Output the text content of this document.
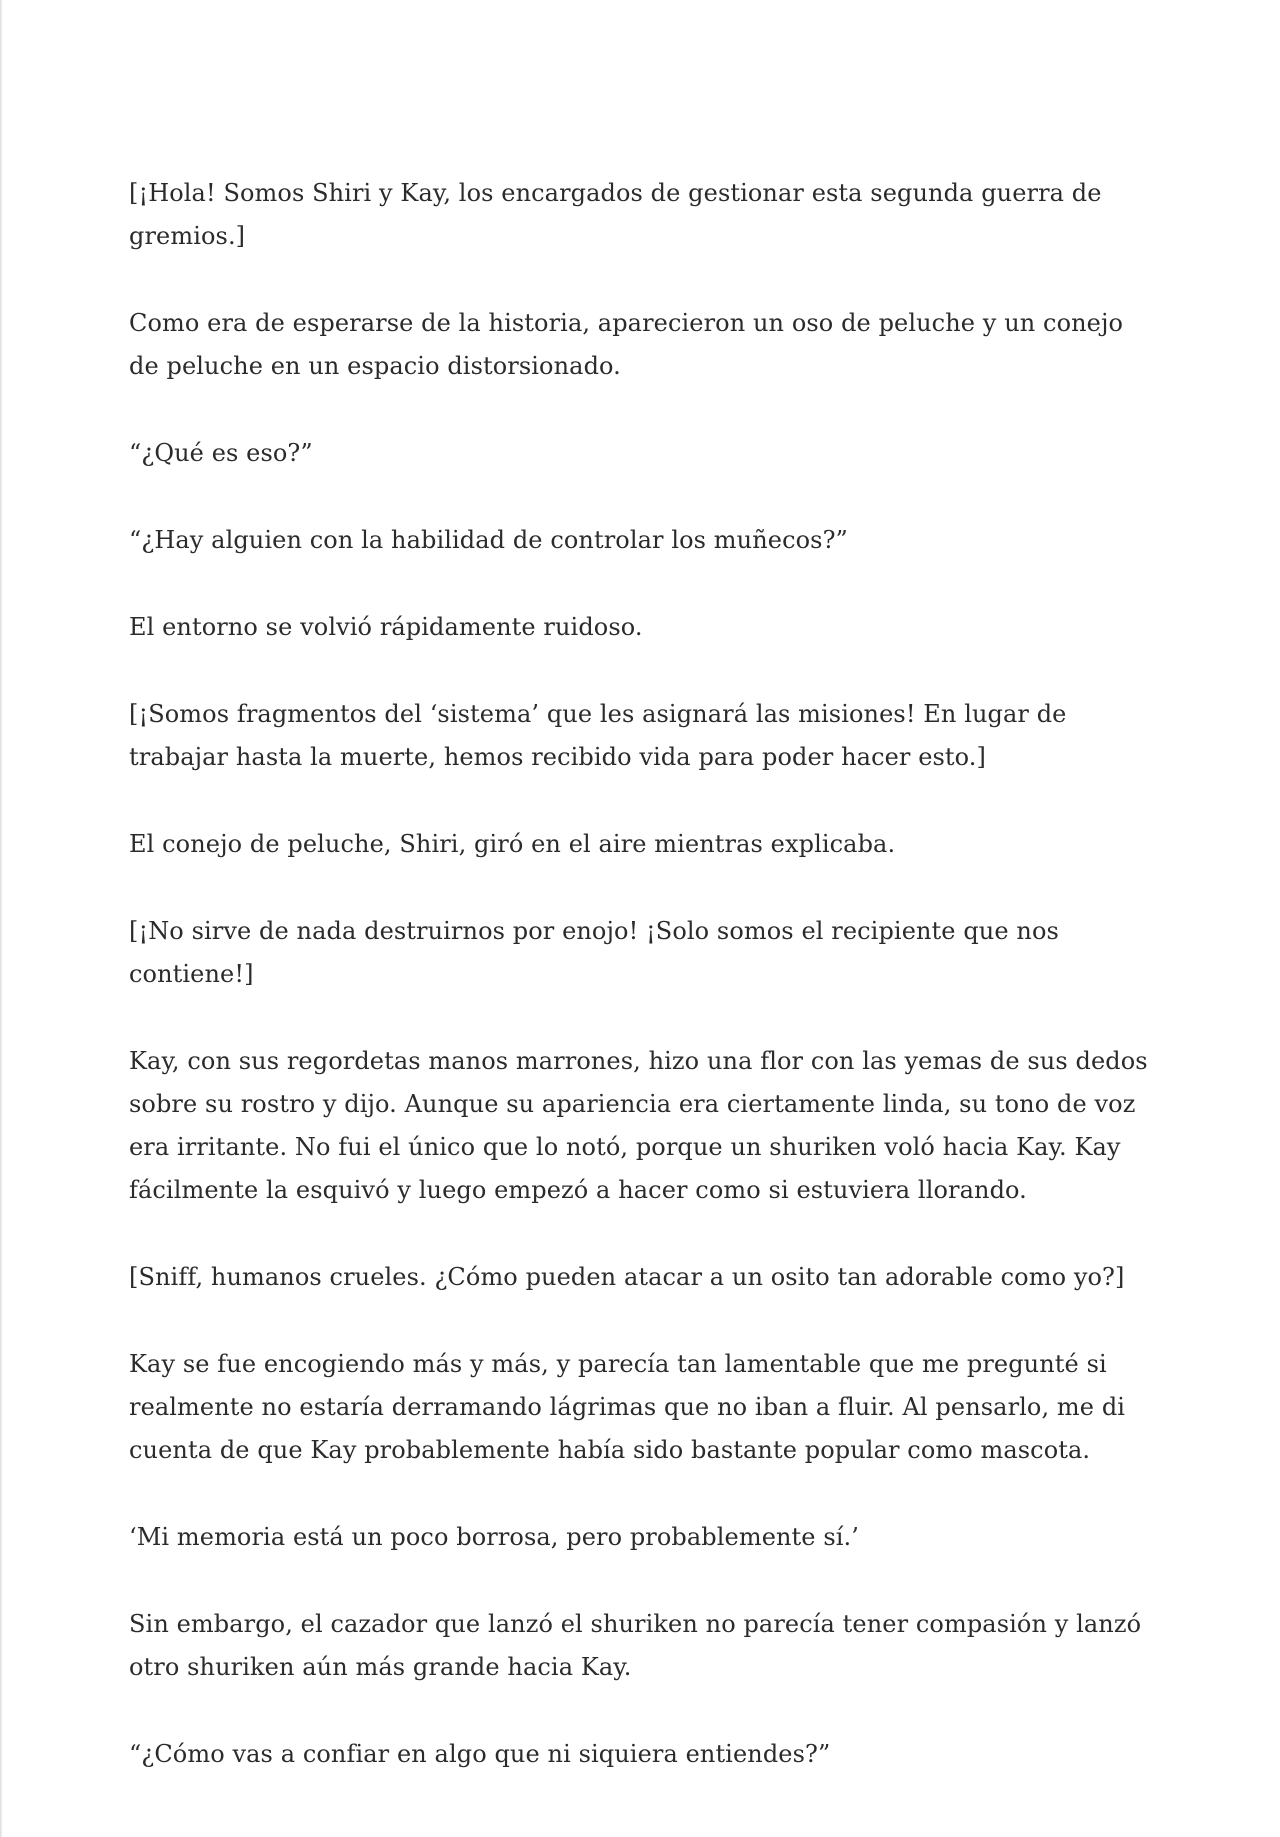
[¡Hola! Somos Shiri y Kay, los encargados de gestionar esta segunda guerra de gremios.]

Como era de esperarse de la historia, aparecieron un oso de peluche y un conejo de peluche en un espacio distorsionado.

“¿Qué es eso?”

“¿Hay alguien con la habilidad de controlar los muñecos?”

El entorno se volvió rápidamente ruidoso.

[¡Somos fragmentos del ‘sistema’ que les asignará las misiones! En lugar de trabajar hasta la muerte, hemos recibido vida para poder hacer esto.]

El conejo de peluche, Shiri, giró en el aire mientras explicaba.

[¡No sirve de nada destruirnos por enojo! ¡Solo somos el recipiente que nos contiene!]

Kay, con sus regordetas manos marrones, hizo una flor con las yemas de sus dedos sobre su rostro y dijo. Aunque su apariencia era ciertamente linda, su tono de voz era irritante. No fui el único que lo notó, porque un shuriken voló hacia Kay. Kay fácilmente la esquivó y luego empezó a hacer como si estuviera llorando.

[Sniff, humanos crueles. ¿Cómo pueden atacar a un osito tan adorable como yo?]

Kay se fue encogiendo más y más, y parecía tan lamentable que me pregunté si realmente no estaría derramando lágrimas que no iban a fluir. Al pensarlo, me di cuenta de que Kay probablemente había sido bastante popular como mascota.

‘Mi memoria está un poco borrosa, pero probablemente sí.’

Sin embargo, el cazador que lanzó el shuriken no parecía tener compasión y lanzó otro shuriken aún más grande hacia Kay.

“¿Cómo vas a confiar en algo que ni siquiera entiendes?”
